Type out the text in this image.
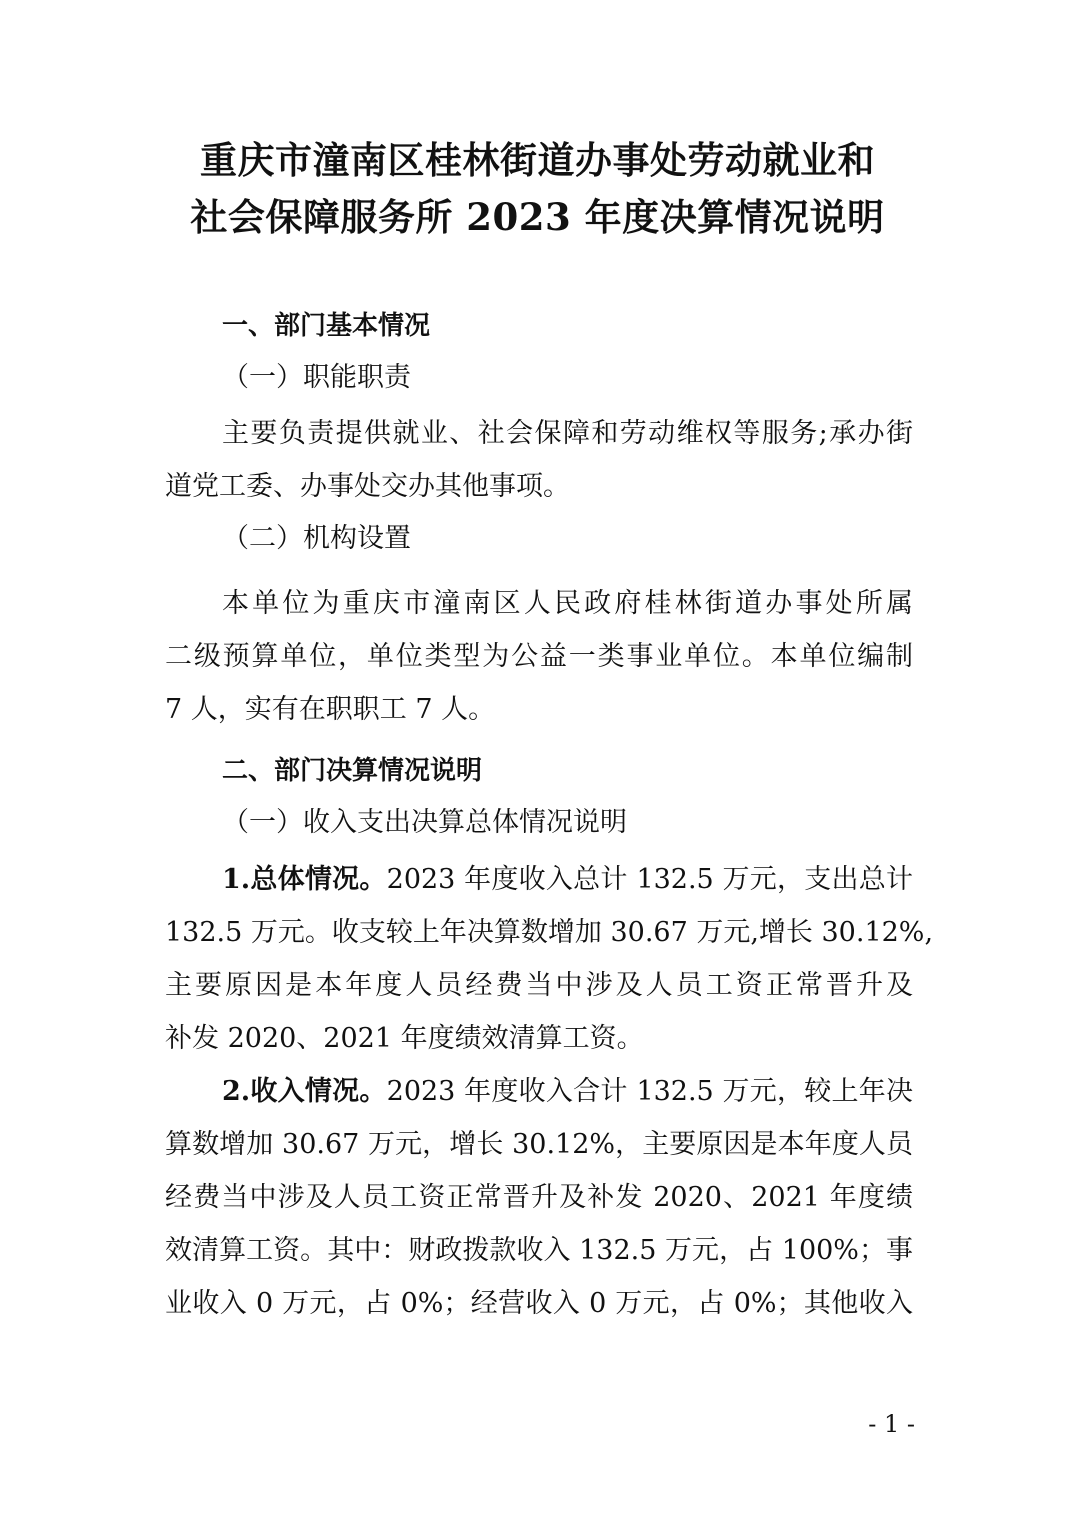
重庆市潼南区桂林街道办事处劳动就业和
社会保障服务所 2023 年度决算情况说明
一、部门基本情况
（一）职能职责
主要负责提供就业、社会保障和劳动维权等服务;承办街
道党工委、办事处交办其他事项。
（二）机构设置
本单位为重庆市潼南区人民政府桂林街道办事处所属
二级预算单位，单位类型为公益一类事业单位。本单位编制
7 人，实有在职职工 7 人。
二、部门决算情况说明
（一）收入支出决算总体情况说明
1.总体情况。2023 年度收入总计 132.5 万元，支出总计
132.5 万元。收支较上年决算数增加 30.67 万元,增长 30.12%,
主要原因是本年度人员经费当中涉及人员工资正常晋升及
补发 2020、2021 年度绩效清算工资。
2.收入情况。2023 年度收入合计 132.5 万元，较上年决
算数增加 30.67 万元，增长 30.12%，主要原因是本年度人员
经费当中涉及人员工资正常晋升及补发 2020、2021 年度绩
效清算工资。其中：财政拨款收入 132.5 万元，占 100%；事
业收入 0 万元，占 0%；经营收入 0 万元，占 0%；其他收入
- 1 -
